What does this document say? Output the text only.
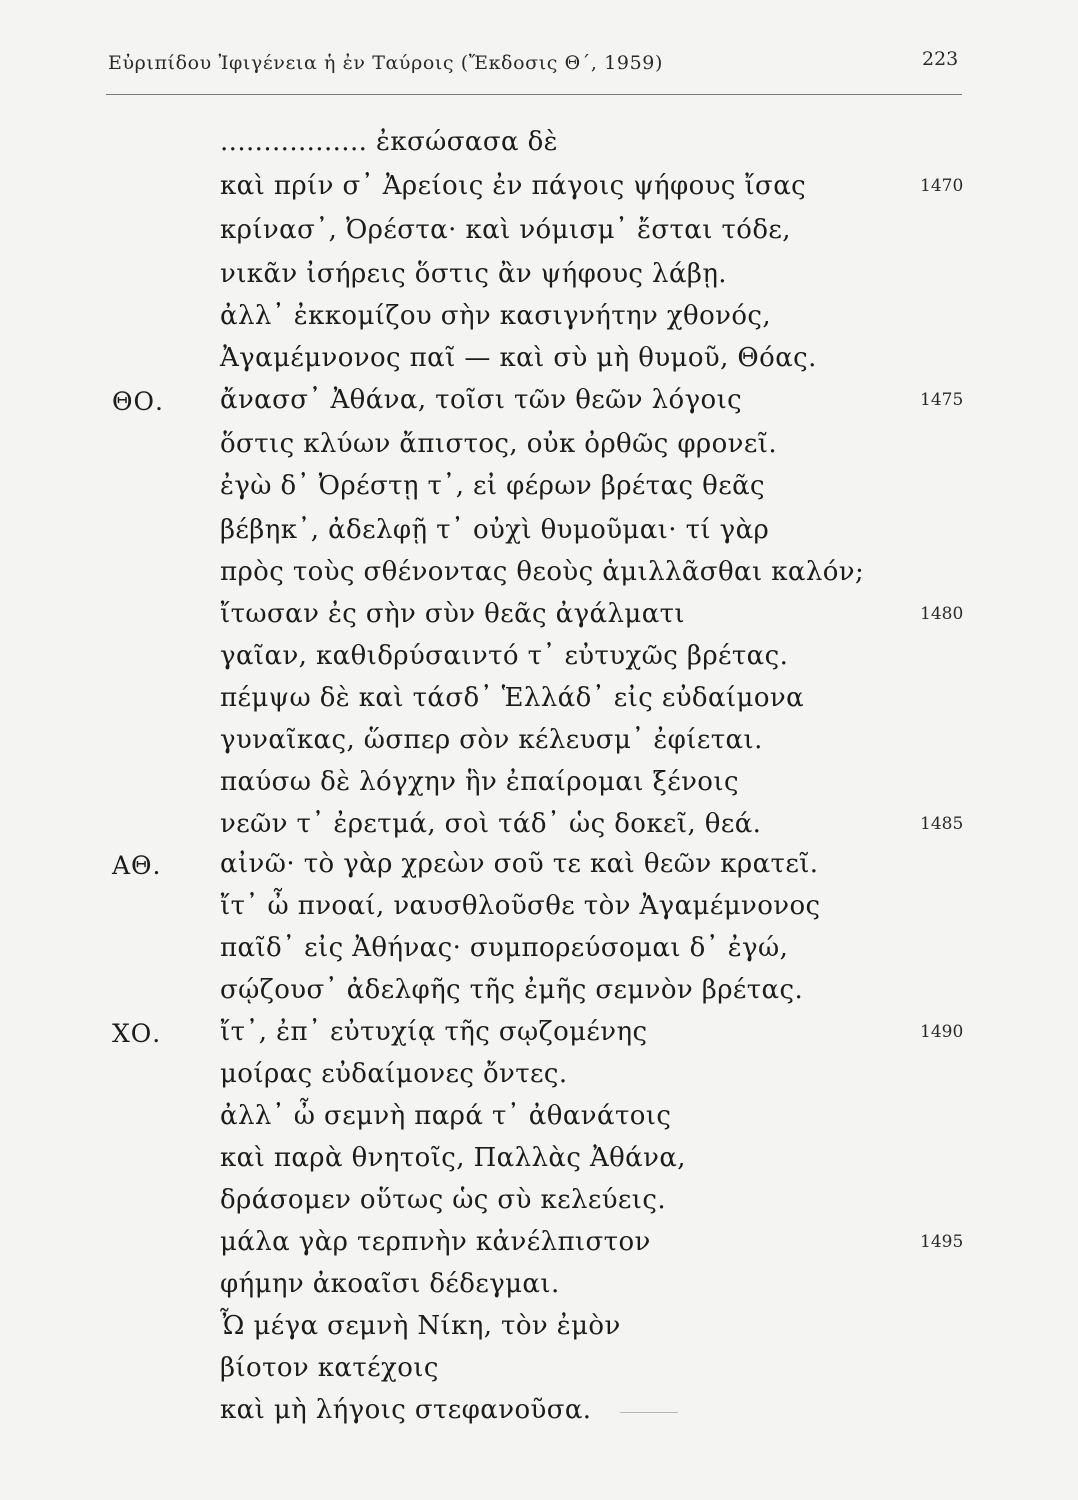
Εὐριπίδου Ἰφιγένεια ἡ ἐν Ταύροις (Ἔκδοσις Θ΄, 1959)	223
................. ἐκσώσασα δὲ
καὶ πρίν σ᾽ Ἀρείοις ἐν πάγοις ψήφους ἴσας
κρίνασ᾽, Ὀρέστα· καὶ νόμισμ᾽ ἔσται τόδε,
νικᾶν ἰσήρεις ὅστις ἂν ψήφους λάβῃ.
ἀλλ᾽ ἐκκομίζου σὴν κασιγνήτην χθονός,
Ἀγαμέμνονος παῖ — καὶ σὺ μὴ θυμοῦ, Θόας.
ἄνασσ᾽ Ἀθάνα, τοῖσι τῶν θεῶν λόγοις
ὅστις κλύων ἄπιστος, οὐκ ὀρθῶς φρονεῖ.
ἐγὼ δ᾽ Ὀρέστῃ τ᾽, εἰ φέρων βρέτας θεᾶς
βέβηκ᾽, ἀδελφῇ τ᾽ οὐχὶ θυμοῦμαι· τί γὰρ
πρὸς τοὺς σθένοντας θεοὺς ἁμιλλᾶσθαι καλόν;
ἴτωσαν ἐς σὴν σὺν θεᾶς ἀγάλματι
γαῖαν, καθιδρύσαιντό τ᾽ εὐτυχῶς βρέτας.
πέμψω δὲ καὶ τάσδ᾽ Ἑλλάδ᾽ εἰς εὐδαίμονα
γυναῖκας, ὥσπερ σὸν κέλευσμ᾽ ἐφίεται.
παύσω δὲ λόγχην ἣν ἐπαίρομαι ξένοις
νεῶν τ᾽ ἐρετμά, σοὶ τάδ᾽ ὡς δοκεῖ, θεά.
αἰνῶ· τὸ γὰρ χρεὼν σοῦ τε καὶ θεῶν κρατεῖ.
ἴτ᾽ ὦ πνοαί, ναυσθλοῦσθε τὸν Ἀγαμέμνονος
παῖδ᾽ εἰς Ἀθήνας· συμπορεύσομαι δ᾽ ἐγώ,
σῴζουσ᾽ ἀδελφῆς τῆς ἐμῆς σεμνὸν βρέτας.
ἴτ᾽, ἐπ᾽ εὐτυχίᾳ τῆς σῳζομένης
μοίρας εὐδαίμονες ὄντες.
ἀλλ᾽ ὦ σεμνὴ παρά τ᾽ ἀθανάτοις
καὶ παρὰ θνητοῖς, Παλλὰς Ἀθάνα,
δράσομεν οὕτως ὡς σὺ κελεύεις.
μάλα γὰρ τερπνὴν κἀνέλπιστον
φήμην ἀκοαῖσι δέδεγμαι.
Ὦ μέγα σεμνὴ Νίκη, τὸν ἐμὸν
βίοτον κατέχοις
καὶ μὴ λήγοις στεφανοῦσα.
ΘΟ.
ΑΘ.
ΧΟ.
1470
1475
1480
1485
1490
1495
